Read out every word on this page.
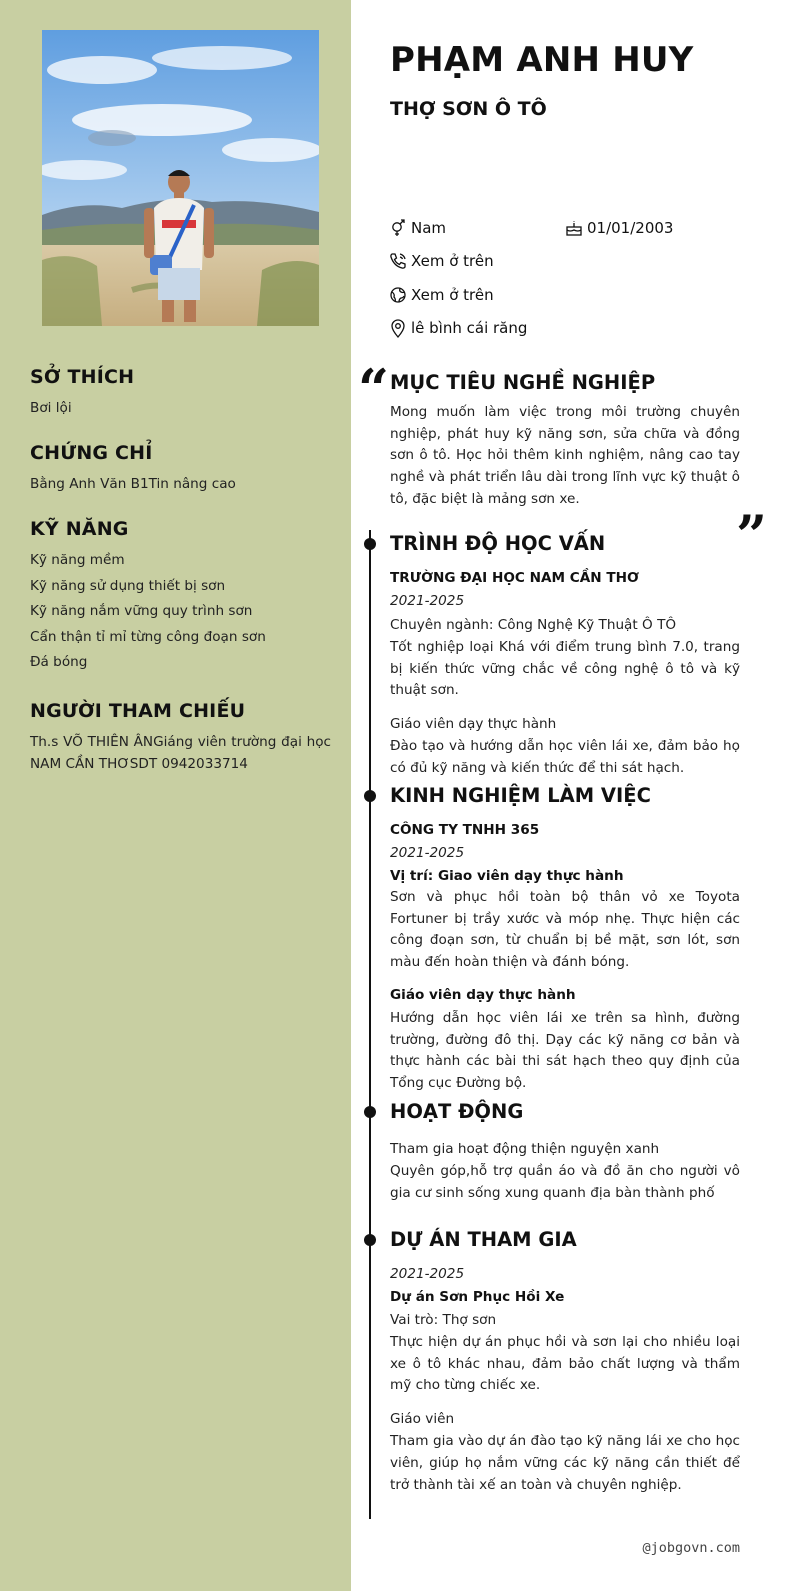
SỞ THÍCH
Bơi lội
CHỨNG CHỈ
Bằng Anh Văn B1Tin nâng cao
KỸ NĂNG
Kỹ năng mềm
Kỹ năng sử dụng thiết bị sơn
Kỹ năng nắm vững quy trình sơn
Cẩn thận tỉ mỉ từng công đoạn sơn
Đá bóng
NGƯỜI THAM CHIẾU
Th.s VÕ THIÊN ÂNGiáng viên trường đại học NAM CẦN THƠSDT 0942033714
PHẠM ANH HUY
THỢ SƠN Ô TÔ
Nam	01/01/2003
Xem ở trên
Xem ở trên
lê bình cái răng
“
”
MỤC TIÊU NGHỀ NGHIỆP
Mong muốn làm việc trong môi trường chuyên nghiệp, phát huy kỹ năng sơn, sửa chữa và đồng sơn ô tô. Học hỏi thêm kinh nghiệm, nâng cao tay nghề và phát triển lâu dài trong lĩnh vực kỹ thuật ô tô, đặc biệt là mảng sơn xe.
TRÌNH ĐỘ HỌC VẤN
TRƯỜNG ĐẠI HỌC NAM CẦN THƠ
2021-2025
Chuyên ngành: Công Nghệ Kỹ Thuật Ô TÔ
Tốt nghiệp loại Khá với điểm trung bình 7.0, trang bị kiến thức vững chắc về công nghệ ô tô và kỹ thuật sơn.
Giáo viên dạy thực hành
Đào tạo và hướng dẫn học viên lái xe, đảm bảo họ có đủ kỹ năng và kiến thức để thi sát hạch.
KINH NGHIỆM LÀM VIỆC
CÔNG TY TNHH 365
2021-2025
Vị trí: Giao viên dạy thực hành
Sơn và phục hồi toàn bộ thân vỏ xe Toyota Fortuner bị trầy xước và móp nhẹ. Thực hiện các công đoạn sơn, từ chuẩn bị bề mặt, sơn lót, sơn màu đến hoàn thiện và đánh bóng.
Giáo viên dạy thực hành
Hướng dẫn học viên lái xe trên sa hình, đường trường, đường đô thị. Dạy các kỹ năng cơ bản và thực hành các bài thi sát hạch theo quy định của Tổng cục Đường bộ.
HOẠT ĐỘNG
Tham gia hoạt động thiện nguyện xanh
Quyên góp,hỗ trợ quần áo và đồ ăn cho người vô gia cư sinh sống xung quanh địa bàn thành phố
DỰ ÁN THAM GIA
2021-2025
Dự án Sơn Phục Hồi Xe
Vai trò: Thợ sơn
Thực hiện dự án phục hồi và sơn lại cho nhiều loại xe ô tô khác nhau, đảm bảo chất lượng và thẩm mỹ cho từng chiếc xe.
Giáo viên
Tham gia vào dự án đào tạo kỹ năng lái xe cho học viên, giúp họ nắm vững các kỹ năng cần thiết để trở thành tài xế an toàn và chuyên nghiệp.
@jobgovn.com
